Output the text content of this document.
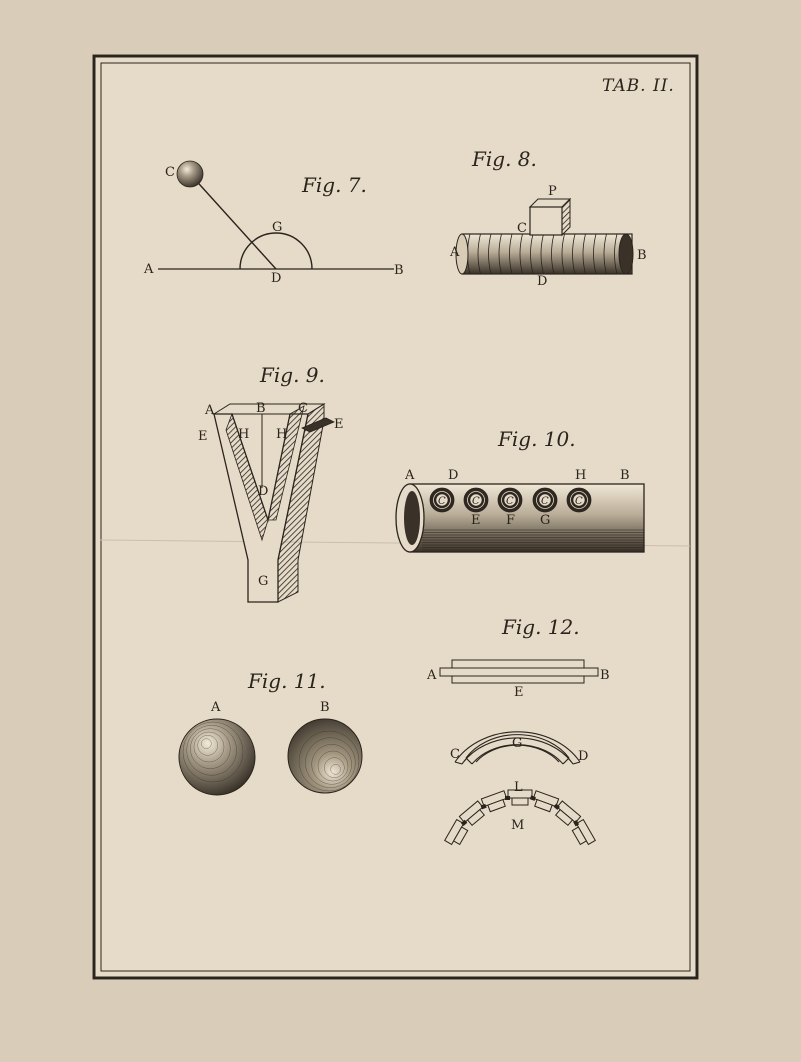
TAB. II.
Fig. 7.
C
G
A
D
B
Fig. 8.
P
C
A	B
D
Fig. 9.
A	B C
E
E
H H
D
G
Fig. 10.
C	C	C	C	C
A	D	H	B
E F G
Fig. 11.
A	B
Fig. 12.
A	B
E
C
G
D
L
M
